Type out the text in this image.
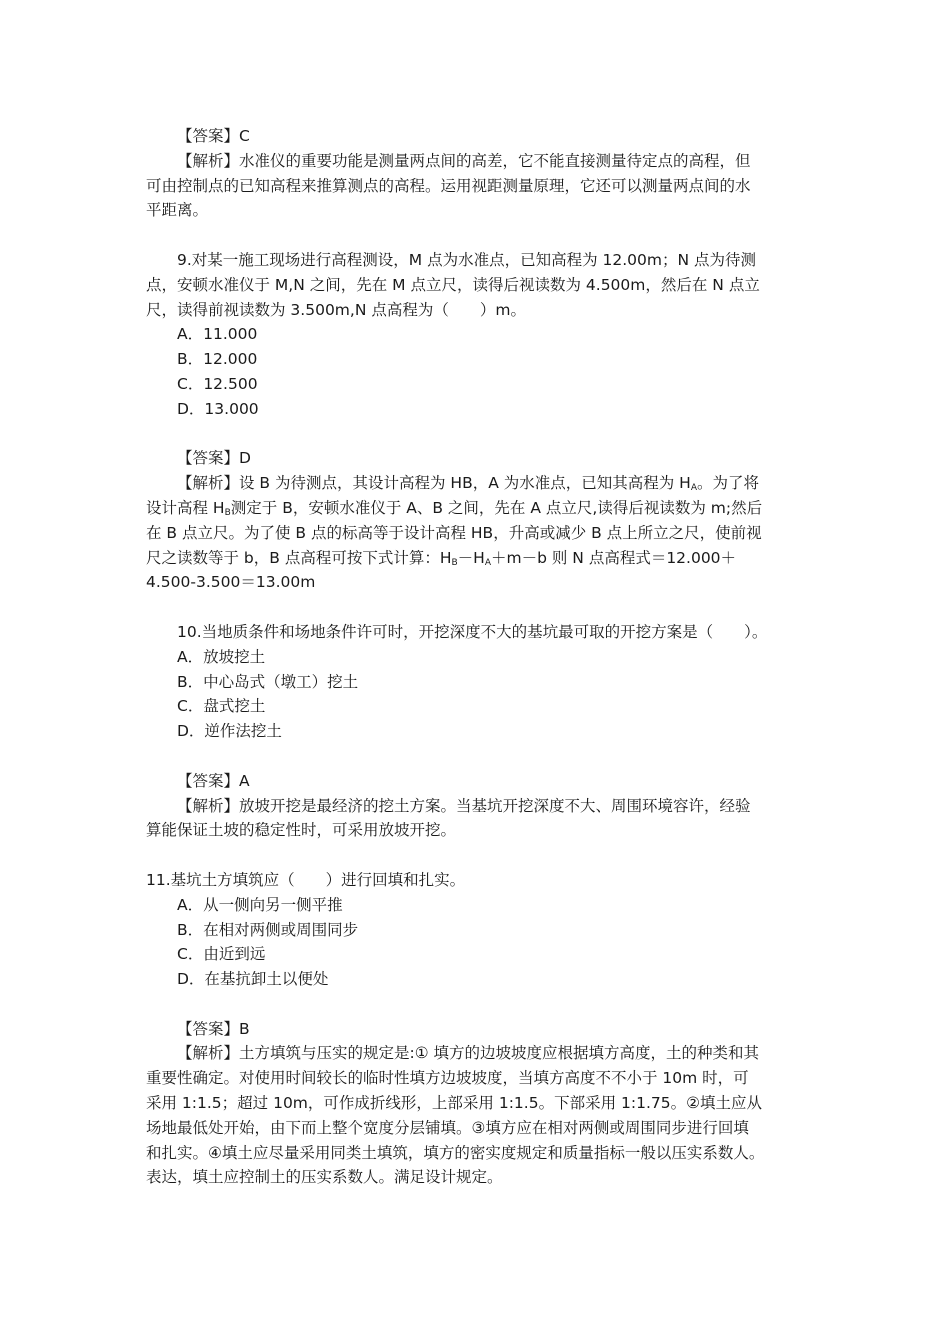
【答案】C
【解析】水准仪的重要功能是测量两点间的高差，它不能直接测量待定点的高程，但
可由控制点的已知高程来推算测点的高程。运用视距测量原理，它还可以测量两点间的水
平距离。
9.对某一施工现场进行高程测设，M 点为水准点，已知高程为 12.00m；N 点为待测
点，安顿水准仪于 M,N 之间，先在 M 点立尺，读得后视读数为 4.500m，然后在 N 点立
尺，读得前视读数为 3.500m,N 点高程为（　　）m。
A．11.000
B．12.000
C．12.500
D．13.000
【答案】D
【解析】设 B 为待测点，其设计高程为 HB，A 为水准点，已知其高程为 $H_A$。为了将
设计高程 $H_B$测定于 B，安顿水准仪于 A、B 之间，先在 A 点立尺,读得后视读数为 m;然后
在 B 点立尺。为了使 B 点的标高等于设计高程 HB，升高或减少 B 点上所立之尺，使前视
尺之读数等于 b，B 点高程可按下式计算：$H_B-H_A+m-b$ 则 N 点高程式＝12.000＋
4.500-3.500＝13.00m
10.当地质条件和场地条件许可时，开挖深度不大的基坑最可取的开挖方案是（　　）。
A．放坡挖土
B．中心岛式（墩工）挖土
C．盘式挖土
D．逆作法挖土
【答案】A
【解析】放坡开挖是最经济的挖土方案。当基坑开挖深度不大、周围环境容许，经验
算能保证土坡的稳定性时，可采用放坡开挖。
11.基坑土方填筑应（　　）进行回填和扎实。
A．从一侧向另一侧平推
B．在相对两侧或周围同步
C．由近到远
D．在基抗卸土以便处
【答案】B
【解析】土方填筑与压实的规定是:① 填方的边坡坡度应根据填方高度，土的种类和其
重要性确定。对使用时间较长的临时性填方边坡坡度，当填方高度不不小于 10m 时，可
采用 1:1.5；超过 10m，可作成折线形，上部采用 1:1.5。下部采用 1:1.75。②填土应从
场地最低处开始，由下而上整个宽度分层铺填。③填方应在相对两侧或周围同步进行回填
和扎实。④填土应尽量采用同类土填筑，填方的密实度规定和质量指标一般以压实系数人。
表达，填土应控制土的压实系数人。满足设计规定。
